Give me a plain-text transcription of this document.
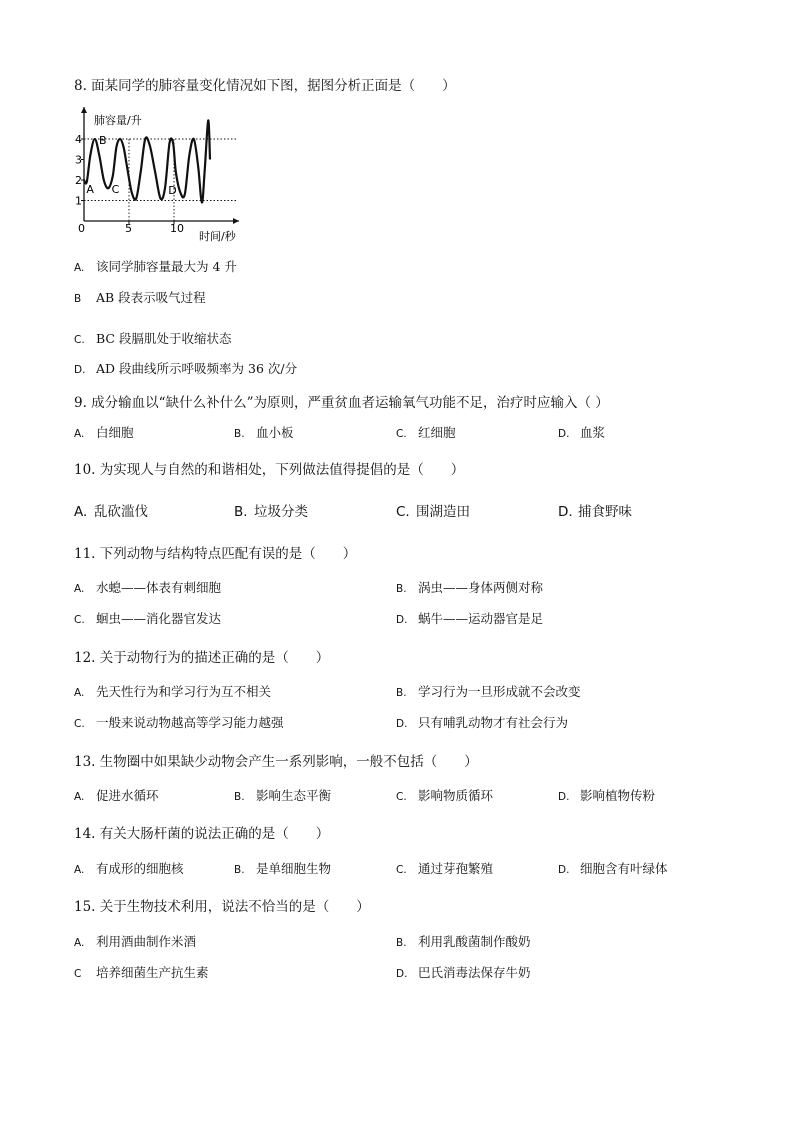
8. 面某同学的肺容量变化情况如下图，据图分析正面是（　　）
1
2
3
4
5	10
肺容量/升
时间/秒
0
A
B
C	D
A. 该同学肺容量最大为 4 升
B AB 段表示吸气过程
C. BC 段膈肌处于收缩状态
D. AD 段曲线所示呼吸频率为 36 次/分
9. 成分输血以“缺什么补什么”为原则，严重贫血者运输氧气功能不足，治疗时应输入（ ）
A. 白细胞	B. 血小板	C. 红细胞	D. 血浆
10. 为实现人与自然的和谐相处，下列做法值得提倡的是（　　）
A. 乱砍滥伐	B. 垃圾分类	C. 围湖造田	D. 捕食野味
11. 下列动物与结构特点匹配有误的是（　　）
A. 水螅——体表有刺细胞	B. 涡虫——身体两侧对称
C. 蛔虫——消化器官发达	D. 蜗牛——运动器官是足
12. 关于动物行为的描述正确的是（　　）
A. 先天性行为和学习行为互不相关	B. 学习行为一旦形成就不会改变
C. 一般来说动物越高等学习能力越强	D. 只有哺乳动物才有社会行为
13. 生物圈中如果缺少动物会产生一系列影响，一般不包括（　　）
A. 促进水循环	B. 影响生态平衡	C. 影响物质循环	D. 影响植物传粉
14. 有关大肠杆菌的说法正确的是（　　）
A. 有成形的细胞核	B. 是单细胞生物	C. 通过芽孢繁殖	D. 细胞含有叶绿体
15. 关于生物技术利用，说法不恰当的是（　　）
A. 利用酒曲制作米酒	B. 利用乳酸菌制作酸奶
C 培养细菌生产抗生素	D. 巴氏消毒法保存牛奶
